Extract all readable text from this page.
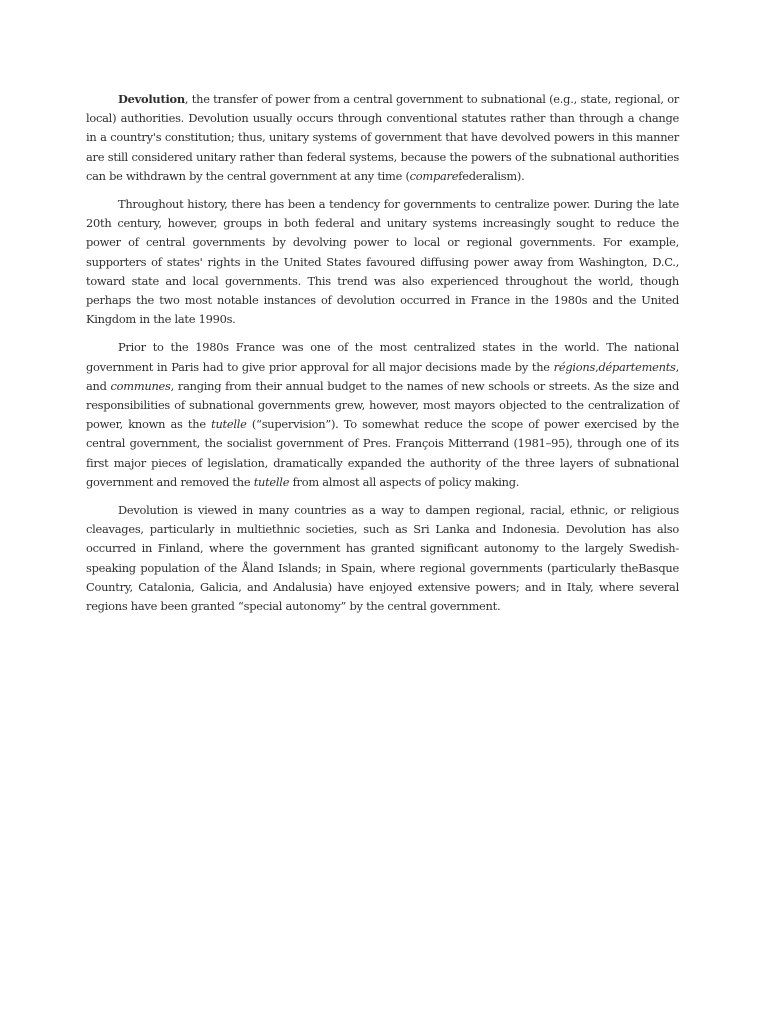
Devolution, the transfer of power from a central government to subnational (e.g., state, regional, or local) authorities. Devolution usually occurs through conventional statutes rather than through a change in a country's constitution; thus, unitary systems of government that have devolved powers in this manner are still considered unitary rather than federal systems, because the powers of the subnational authorities can be withdrawn by the central government at any time (comparefederalism).

Throughout history, there has been a tendency for governments to centralize power. During the late 20th century, however, groups in both federal and unitary systems increasingly sought to reduce the power of central governments by devolving power to local or regional governments. For example, supporters of states' rights in the United States favoured diffusing power away from Washington, D.C., toward state and local governments. This trend was also experienced throughout the world, though perhaps the two most notable instances of devolution occurred in France in the 1980s and the United Kingdom in the late 1990s.

Prior to the 1980s France was one of the most centralized states in the world. The national government in Paris had to give prior approval for all major decisions made by the régions,départements, and communes, ranging from their annual budget to the names of new schools or streets. As the size and responsibilities of subnational governments grew, however, most mayors objected to the centralization of power, known as the tutelle (“supervision”). To somewhat reduce the scope of power exercised by the central government, the socialist government of Pres. François Mitterrand (1981–95), through one of its first major pieces of legislation, dramatically expanded the authority of the three layers of subnational government and removed the tutelle from almost all aspects of policy making.

Devolution is viewed in many countries as a way to dampen regional, racial, ethnic, or religious cleavages, particularly in multiethnic societies, such as Sri Lanka and Indonesia. Devolution has also occurred in Finland, where the government has granted significant autonomy to the largely Swedish-speaking population of the Åland Islands; in Spain, where regional governments (particularly theBasque Country, Catalonia, Galicia, and Andalusia) have enjoyed extensive powers; and in Italy, where several regions have been granted “special autonomy” by the central government.
